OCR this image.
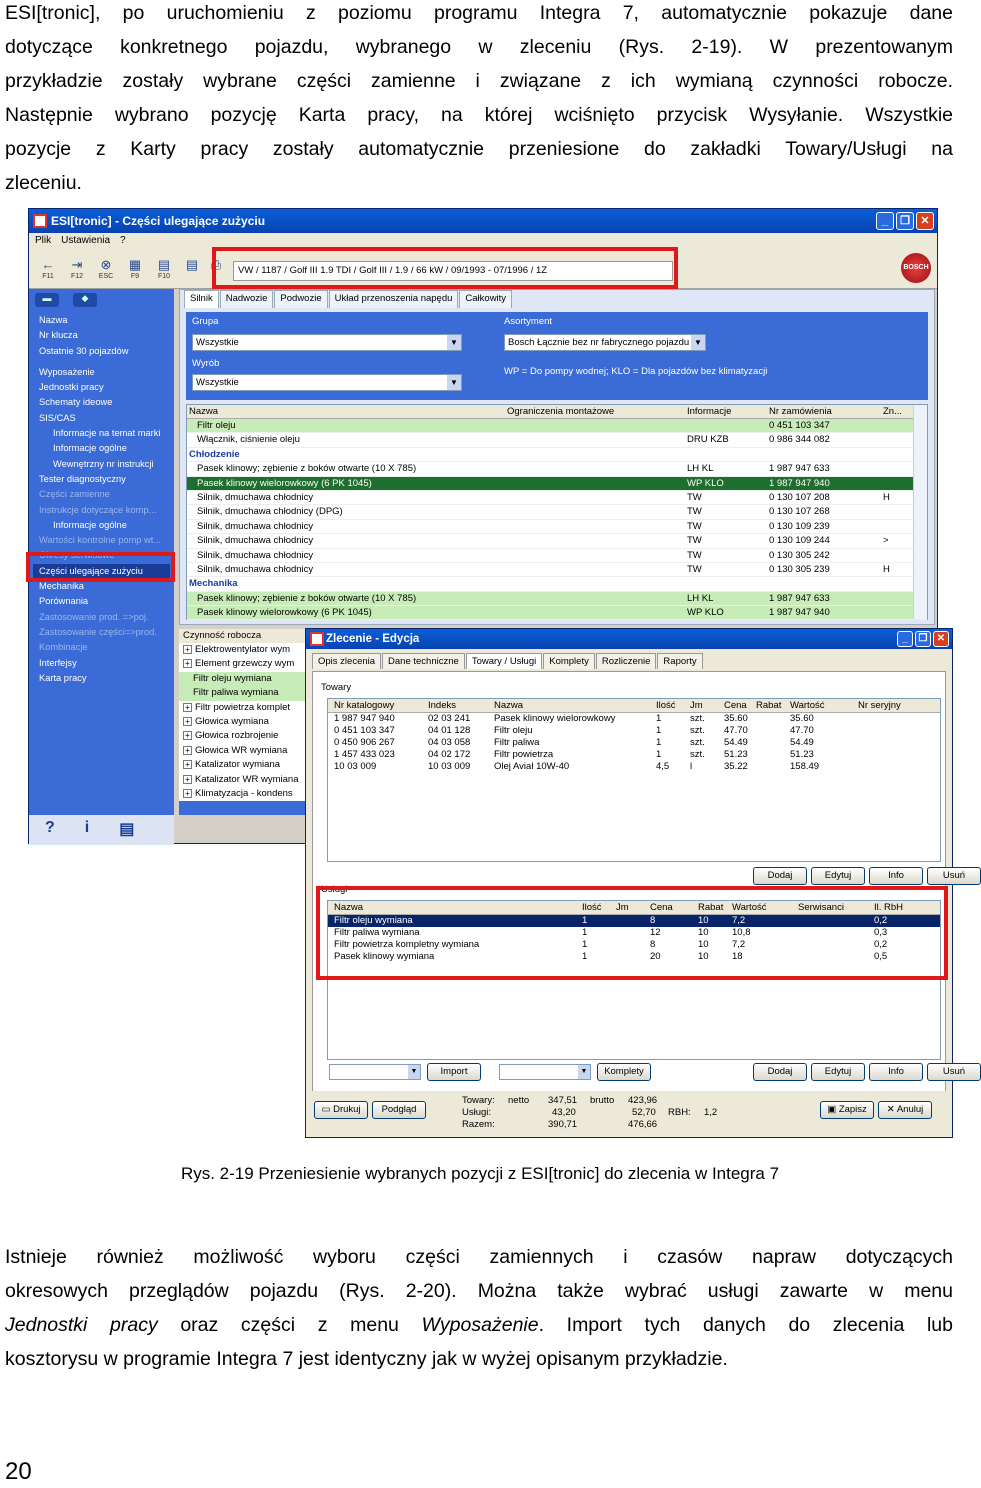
ESI[tronic], po uruchomieniu z poziomu programu Integra 7, automatycznie pokazuje dane
dotyczące konkretnego pojazdu, wybranego w zleceniu (Rys. 2-19). W prezentowanym
przykładzie zostały wybrane części zamienne i związane z ich wymianą czynności robocze.
Następnie wybrano pozycję Karta pracy, na której wciśnięto przycisk Wysyłanie. Wszystkie
pozycje z Karty pracy zostały automatycznie przeniesione do zakładki Towary/Usługi na
zleceniu.
ESI[tronic] - Części ulegające zużyciu	_	❐ ✕
Plik Ustawienia ?
←
F11
⇥
F12
⊗
ESC
▦
F9
▤
F10
▤ ⎙	VW / 1187 / Golf III 1.9 TDI / Golf III / 1.9 / 66 kW / 09/1993 - 07/1996 / 1Z	BOSCH
▬	◆
Nazwa
Nr klucza
Ostatnie 30 pojazdów
Wyposażenie
Jednostki pracy
Schematy ideowe
SIS/CAS
Informacje na temat marki
Informacje ogólne
Wewnętrzny nr instrukcji
Tester diagnostyczny
Części zamienne
Instrukcje dotyczące komp...
Informacje ogólne
Wartości kontrolne pomp wt...
Okresy serwisowe
Części ulegające zużyciu
Mechanika
Porównania
Zastosowanie prod. =>poj.
Zastosowanie części=>prod.
Kombinacje
Interfejsy
Karta pracy
? i ▤
Silnik	Nadwozie	Podwozie	Układ przenoszenia napędu	Całkowity
Grupa
Wszystkie	▼
Wyrób
Wszystkie	▼
Asortyment
Bosch Łącznie bez nr fabrycznego pojazdu ▼
WP = Do pompy wodnej; KLO = Dla pojazdów bez klimatyzacji
Nazwa	Ograniczenia montażowe	Informacje	Nr zamówienia	Zn...
Filtr oleju	0 451 103 347
Włącznik, ciśnienie oleju	DRU KZB	0 986 344 082
Chłodzenie
Pasek klinowy; zębienie z boków otwarte (10 X 785)	LH KL	1 987 947 633
Pasek klinowy wielorowkowy (6 PK 1045)	WP KLO	1 987 947 940
Silnik, dmuchawa chłodnicy	TW	0 130 107 208	H
Silnik, dmuchawa chłodnicy (DPG)	TW	0 130 107 268
Silnik, dmuchawa chłodnicy	TW	0 130 109 239
Silnik, dmuchawa chłodnicy	TW	0 130 109 244	>
Silnik, dmuchawa chłodnicy	TW	0 130 305 242
Silnik, dmuchawa chłodnicy	TW	0 130 305 239	H
Mechanika
Pasek klinowy; zębienie z boków otwarte (10 X 785)	LH KL	1 987 947 633
Pasek klinowy wielorowkowy (6 PK 1045)	WP KLO	1 987 947 940
Czynność robocza
+ Elektrowentylator wym
+ Element grzewczy wym
Filtr oleju wymiana
Filtr paliwa wymiana
+ Filtr powietrza komplet
+ Głowica wymiana
+ Głowica rozbrojenie
+ Głowica WR wymiana
+ Katalizator wymiana
+ Katalizator WR wymiana
+ Klimatyzacja - kondens
Zlecenie - Edycja	_	❐ ✕
Opis zlecenia	Dane techniczne	Towary / Usługi	Komplety	Rozliczenie	Raporty
Towary
Nr katalogowy	Indeks	Nazwa	Ilość Jm Cena Rabat Wartość	Nr seryjny
1 987 947 940	02 03 241 Pasek klinowy wielorowkowy	1	szt. 35.60	35.60
0 451 103 347	04 01 128 Filtr oleju	1	szt. 47.70	47.70
0 450 906 267	04 03 058 Filtr paliwa	1	szt. 54.49	54.49
1 457 433 023	04 02 172 Filtr powietrza	1	szt. 51.23	51.23
10 03 009	10 03 009 Olej Avial 10W-40	4,5 l	35.22	158.49
Dodaj	Edytuj	Info	Usuń
Usługi
Nazwa	Ilość Jm Cena	Rabat Wartość	Serwisanci	Il. RbH
Filtr oleju wymiana	1	8	10 7,2	0,2
Filtr paliwa wymiana	1	12	10 10,8	0,3
Filtr powietrza kompletny wymiana	1	8	10 7,2	0,2
Pasek klinowy wymiana	1	20	10 18	0,5
▼	Import	▼	Komplety	Dodaj	Edytuj	Info	Usuń
▭ Drukuj	Podgląd
Towary:
Usługi:
Razem:
netto 347,51
43,20
390,71
brutto 423,96
52,70
476,66
RBH: 1,2	▣ Zapisz	✕ Anuluj
Rys. 2-19 Przeniesienie wybranych pozycji z ESI[tronic] do zlecenia w Integra 7
Istnieje również możliwość wyboru części zamiennych i czasów napraw dotyczących
okresowych przeglądów pojazdu (Rys. 2-20). Można także wybrać usługi zawarte w menu
Jednostki pracy oraz części z menu Wyposażenie. Import tych danych do zlecenia lub
kosztorysu w programie Integra 7 jest identyczny jak w wyżej opisanym przykładzie.
20
